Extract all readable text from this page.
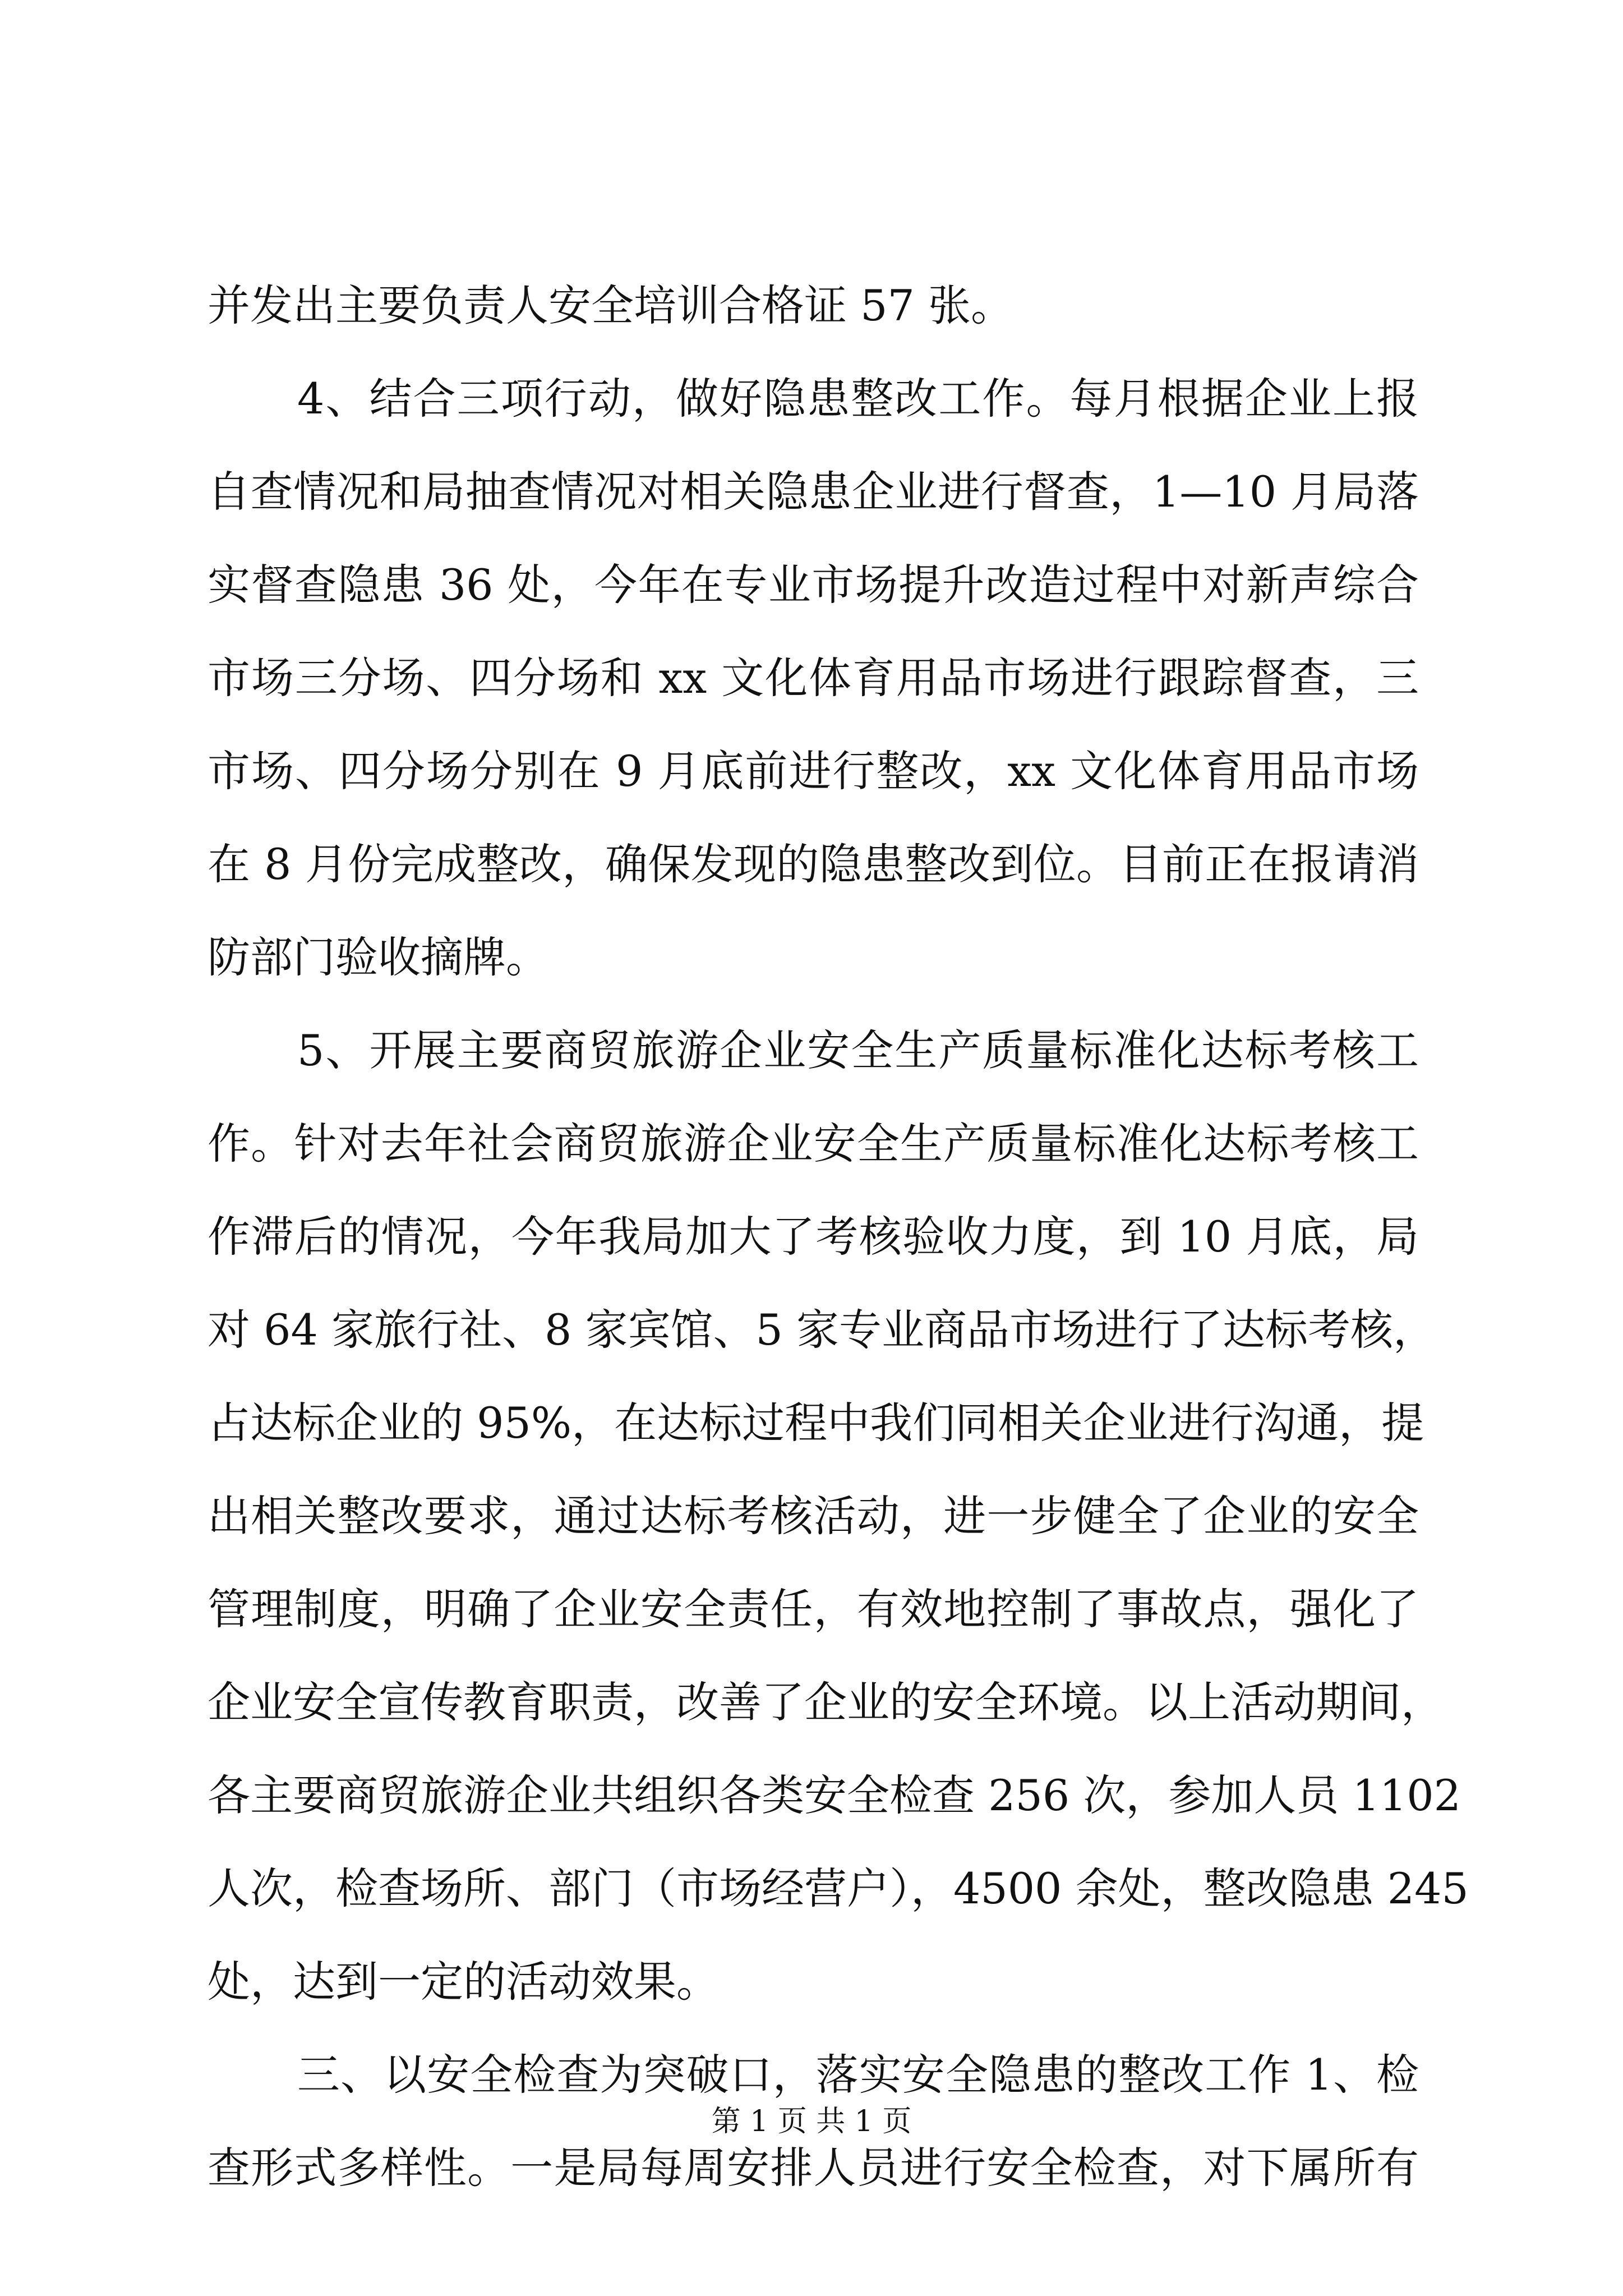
并发出主要负责人安全培训合格证 57 张。
4、结合三项行动，做好隐患整改工作。每月根据企业上报
自查情况和局抽查情况对相关隐患企业进行督查，1—10 月局落
实督查隐患 36 处，今年在专业市场提升改造过程中对新声综合
市场三分场、四分场和 xx 文化体育用品市场进行跟踪督查，三
市场、四分场分别在 9 月底前进行整改，xx 文化体育用品市场
在 8 月份完成整改，确保发现的隐患整改到位。目前正在报请消
防部门验收摘牌。
5、开展主要商贸旅游企业安全生产质量标准化达标考核工
作。针对去年社会商贸旅游企业安全生产质量标准化达标考核工
作滞后的情况，今年我局加大了考核验收力度，到 10 月底，局
对 64 家旅行社、8 家宾馆、5 家专业商品市场进行了达标考核，
占达标企业的 95%，在达标过程中我们同相关企业进行沟通，提
出相关整改要求，通过达标考核活动，进一步健全了企业的安全
管理制度，明确了企业安全责任，有效地控制了事故点，强化了
企业安全宣传教育职责，改善了企业的安全环境。以上活动期间，
各主要商贸旅游企业共组织各类安全检查 256 次，参加人员 1102
人次，检查场所、部门（市场经营户），4500 余处，整改隐患 245
处，达到一定的活动效果。
三、以安全检查为突破口，落实安全隐患的整改工作 1、检
查形式多样性。一是局每周安排人员进行安全检查，对下属所有
第 1 页 共 1 页
